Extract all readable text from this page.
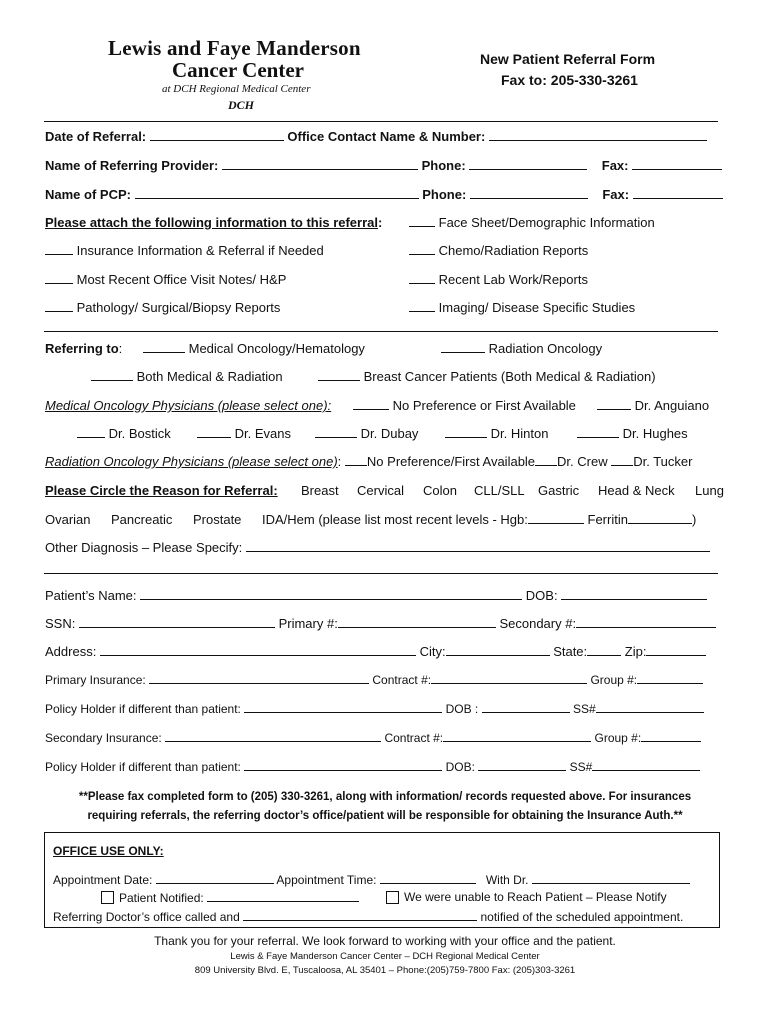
Lewis and Faye Manderson
Cancer Center
at DCH Regional Medical Center
DCH
New Patient Referral Form
Fax to: 205-330-3261
Date of Referral:	Office Contact Name & Number:
Name of Referring Provider:	Phone:	Fax:
Name of PCP:	Phone:	Fax:
Please attach the following information to this referral:	Face Sheet/Demographic Information
Insurance Information & Referral if Needed	Chemo/Radiation Reports
Most Recent Office Visit Notes/ H&P	Recent Lab Work/Reports
Pathology/ Surgical/Biopsy Reports	Imaging/ Disease Specific Studies
Referring to:	Medical Oncology/Hematology	Radiation Oncology
Both Medical & Radiation	Breast Cancer Patients (Both Medical & Radiation)
Medical Oncology Physicians (please select one):	No Preference or First Available	Dr. Anguiano
Dr. Bostick	Dr. Evans	Dr. Dubay	Dr. Hinton	Dr. Hughes
Radiation Oncology Physicians (please select one): No Preference/First Available Dr. Crew Dr. Tucker
Please Circle the Reason for Referral: Breast Cervical Colon CLL/SLL Gastric Head & Neck Lung
Ovarian Pancreatic Prostate IDA/Hem (please list most recent levels - Hgb:	Ferritin	)
Other Diagnosis – Please Specify:
Patient’s Name:	DOB:
SSN:	Primary #:	Secondary #:
Address:	City:	State:	Zip:
Primary Insurance:	Contract #:	Group #:
Policy Holder if different than patient:	DOB :	SS#
Secondary Insurance:	Contract #:	Group #:
Policy Holder if different than patient:	DOB:	SS#
**Please fax completed form to (205) 330-3261, along with information/ records requested above. For insurances
requiring referrals, the referring doctor’s office/patient will be responsible for obtaining the Insurance Auth.**
OFFICE USE ONLY:
Appointment Date:	Appointment Time:	With Dr.
Patient Notified:	We were unable to Reach Patient – Please Notify
Referring Doctor’s office called and	notified of the scheduled appointment.
Thank you for your referral. We look forward to working with your office and the patient.
Lewis & Faye Manderson Cancer Center – DCH Regional Medical Center
809 University Blvd. E, Tuscaloosa, AL 35401 – Phone:(205)759-7800 Fax: (205)303-3261
